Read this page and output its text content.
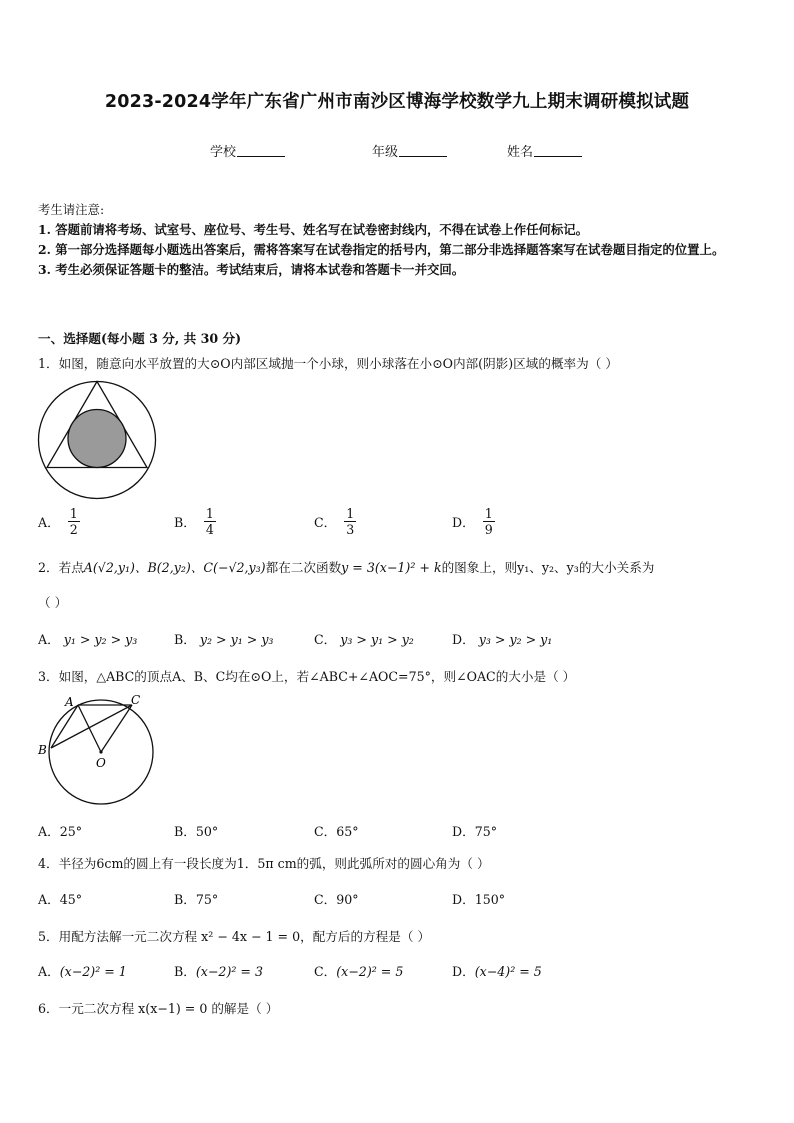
2023-2024学年广东省广州市南沙区博海学校数学九上期末调研模拟试题
学校	年级	姓名
考生请注意:
1. 答题前请将考场、试室号、座位号、考生号、姓名写在试卷密封线内，不得在试卷上作任何标记。
2. 第一部分选择题每小题选出答案后，需将答案写在试卷指定的括号内，第二部分非选择题答案写在试卷题目指定的位置上。
3. 考生必须保证答题卡的整洁。考试结束后，请将本试卷和答题卡一并交回。
一、选择题(每小题 3 分, 共 30 分)
1．如图，随意向水平放置的大⊙O内部区域抛一个小球，则小球落在小⊙O内部(阴影)区域的概率为（ ）
A． $\frac{1}{2}$	B． $\frac{1}{4}$	C． $\frac{1}{3}$	D． $\frac{1}{9}$
2．若点A(√2,y₁)、B(2,y₂)、C(−√2,y₃)都在二次函数y = 3(x−1)² + k的图象上，则y₁、y₂、y₃的大小关系为
（ ）
A． y₁ > y₂ > y₃	B． y₂ > y₁ > y₃	C． y₃ > y₁ > y₂	D． y₃ > y₂ > y₁
3．如图，△ABC的顶点A、B、C均在⊙O上，若∠ABC+∠AOC=75°，则∠OAC的大小是（ ）
A	C
B
O
A．25°	B．50°	C．65°	D．75°
4．半径为6cm的圆上有一段长度为1．5π cm的弧，则此弧所对的圆心角为（ ）
A．45°	B．75°	C．90°	D．150°
5．用配方法解一元二次方程 x² − 4x − 1 = 0，配方后的方程是（ ）
A．(x−2)² = 1	B．(x−2)² = 3	C．(x−2)² = 5	D．(x−4)² = 5
6．一元二次方程 x(x−1) = 0 的解是（ ）
